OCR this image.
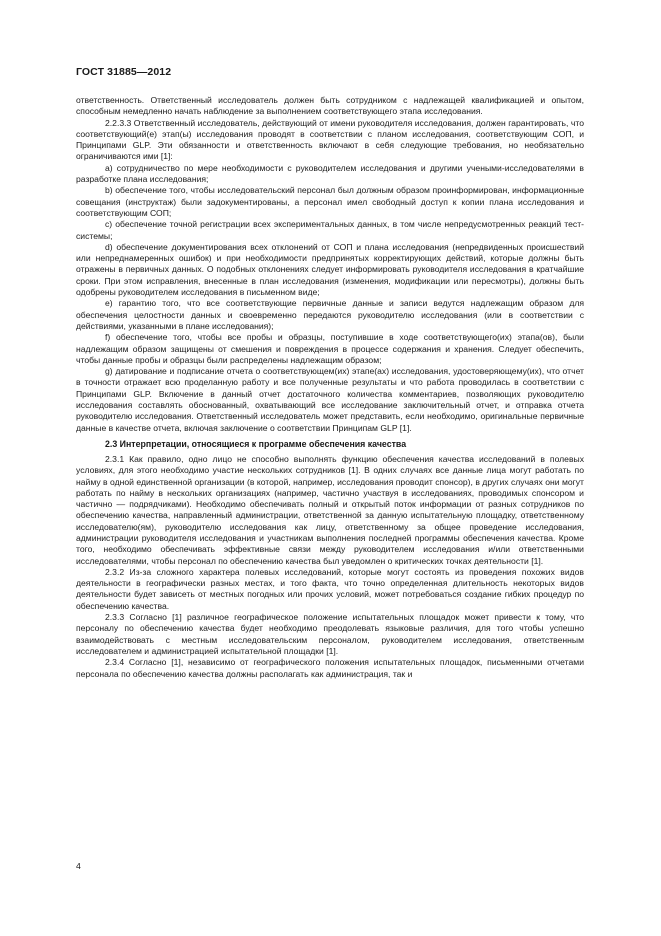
ГОСТ 31885—2012

ответственность. Ответственный исследователь должен быть сотрудником с надлежащей квалификацией и опытом, способным немедленно начать наблюдение за выполнением соответствующего этапа исследования.

2.2.3.3 Ответственный исследователь, действующий от имени руководителя исследования, должен гарантировать, что соответствующий(е) этап(ы) исследования проводят в соответствии с планом исследования, соответствующим СОП, и Принципами GLP. Эти обязанности и ответственность включают в себя следующие требования, но необязательно ограничиваются ими [1]:

а) сотрудничество по мере необходимости с руководителем исследования и другими учеными-исследователями в разработке плана исследования;

b) обеспечение того, чтобы исследовательский персонал был должным образом проинформирован, информационные совещания (инструктаж) были задокументированы, а персонал имел свободный доступ к копии плана исследования и соответствующим СОП;

c) обеспечение точной регистрации всех экспериментальных данных, в том числе непредусмотренных реакций тест-системы;

d) обеспечение документирования всех отклонений от СОП и плана исследования (непредвиденных происшествий или непреднамеренных ошибок) и при необходимости предпринятых корректирующих действий, которые должны быть отражены в первичных данных. О подобных отклонениях следует информировать руководителя исследования в кратчайшие сроки. При этом исправления, внесенные в план исследования (изменения, модификации или пересмотры), должны быть одобрены руководителем исследования в письменном виде;

e) гарантию того, что все соответствующие первичные данные и записи ведутся надлежащим образом для обеспечения целостности данных и своевременно передаются руководителю исследования (или в соответствии с действиями, указанными в плане исследования);

f) обеспечение того, чтобы все пробы и образцы, поступившие в ходе соответствующего(их) этапа(ов), были надлежащим образом защищены от смешения и повреждения в процессе содержания и хранения. Следует обеспечить, чтобы данные пробы и образцы были распределены надлежащим образом;

g) датирование и подписание отчета о соответствующем(их) этапе(ах) исследования, удостоверяющему(их), что отчет в точности отражает всю проделанную работу и все полученные результаты и что работа проводилась в соответствии с Принципами GLP. Включение в данный отчет достаточного количества комментариев, позволяющих руководителю исследования составлять обоснованный, охватывающий все исследование заключительный отчет, и отправка отчета руководителю исследования. Ответственный исследователь может представить, если необходимо, оригинальные первичные данные в качестве отчета, включая заключение о соответствии Принципам GLP [1].

2.3 Интерпретации, относящиеся к программе обеспечения качества

2.3.1 Как правило, одно лицо не способно выполнять функцию обеспечения качества исследований в полевых условиях, для этого необходимо участие нескольких сотрудников [1]. В одних случаях все данные лица могут работать по найму в одной единственной организации (в которой, например, исследования проводит спонсор), в других случаях они могут работать по найму в нескольких организациях (например, частично участвуя в исследованиях, проводимых спонсором и частично — подрядчиками). Необходимо обеспечивать полный и открытый поток информации от разных сотрудников по обеспечению качества, направленный администрации, ответственной за данную испытательную площадку, ответственному исследователю(ям), руководителю исследования как лицу, ответственному за общее проведение исследования, администрации руководителя исследования и участникам выполнения последней программы обеспечения качества. Кроме того, необходимо обеспечивать эффективные связи между руководителем исследования и/или ответственными исследователями, чтобы персонал по обеспечению качества был уведомлен о критических точках деятельности [1].

2.3.2 Из-за сложного характера полевых исследований, которые могут состоять из проведения похожих видов деятельности в географически разных местах, и того факта, что точно определенная длительность некоторых видов деятельности будет зависеть от местных погодных или прочих условий, может потребоваться создание гибких процедур по обеспечению качества.

2.3.3 Согласно [1] различное географическое положение испытательных площадок может привести к тому, что персоналу по обеспечению качества будет необходимо преодолевать языковые различия, для того чтобы успешно взаимодействовать с местным исследовательским персоналом, руководителем исследования, ответственным исследователем и администрацией испытательной площадки [1].

2.3.4 Согласно [1], независимо от географического положения испытательных площадок, письменными отчетами персонала по обеспечению качества должны располагать как администрация, так и

4
